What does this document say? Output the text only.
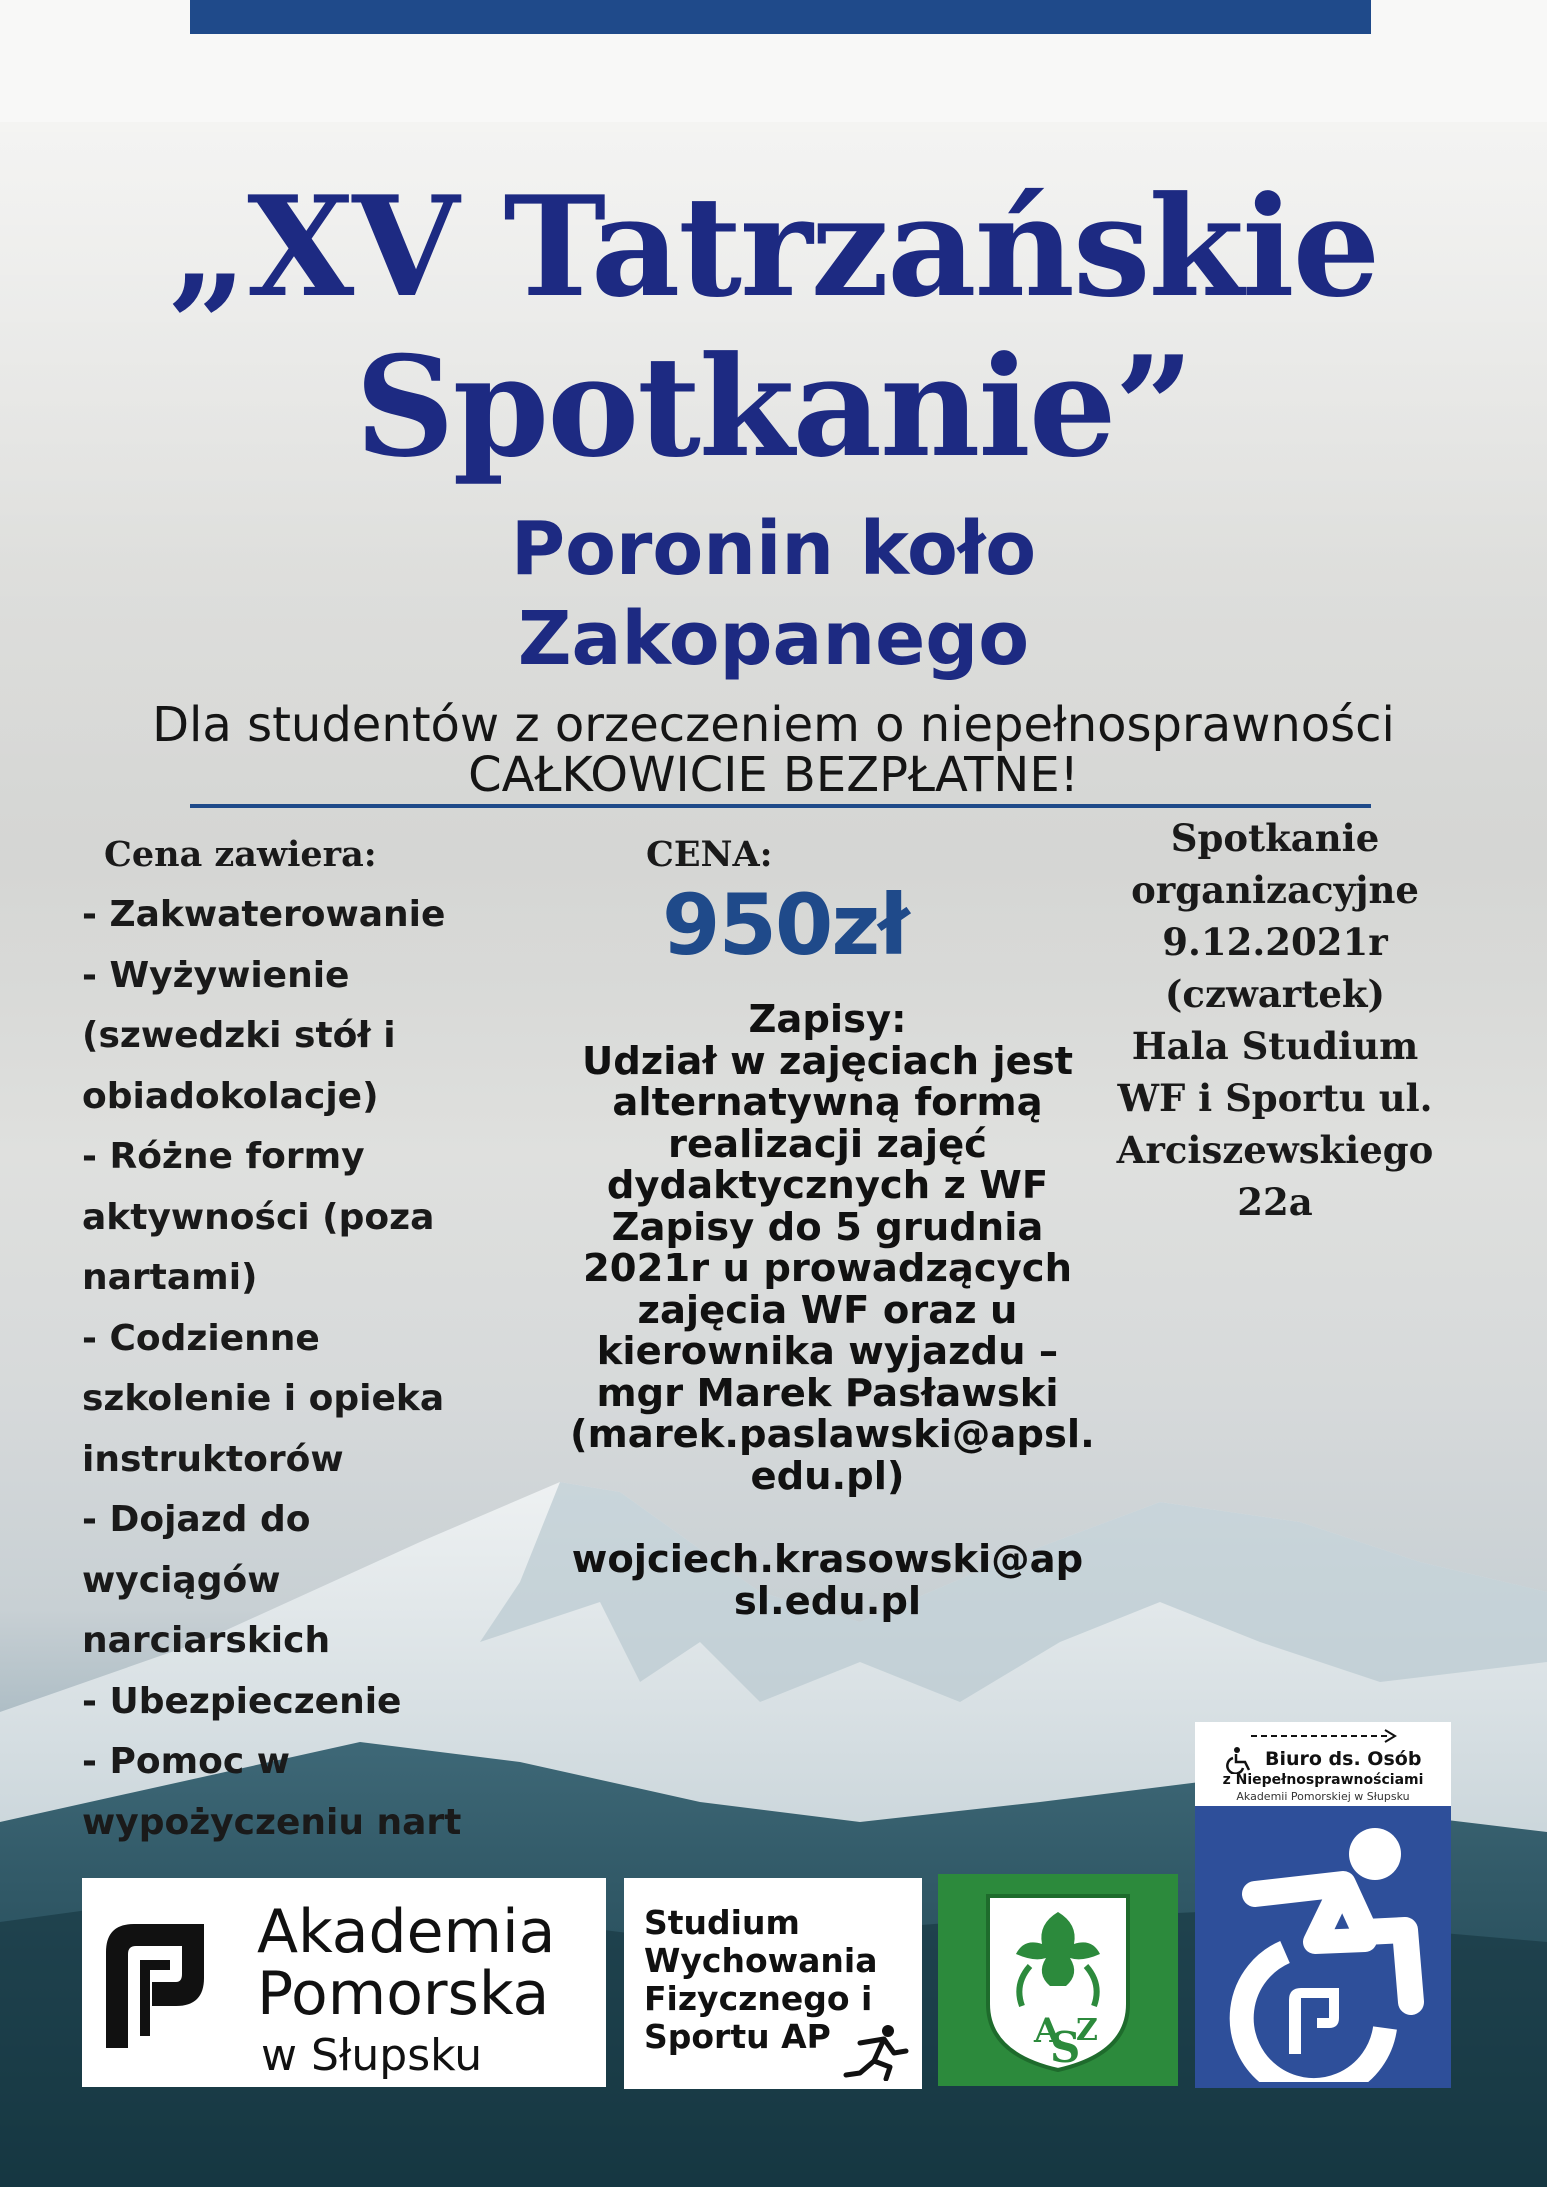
„XV Tatrzańskie
Spotkanie”
Poronin koło
Zakopanego
Dla studentów z orzeczeniem o niepełnosprawności
CAŁKOWICIE BEZPŁATNE!
Cena zawiera:
- Zakwaterowanie
- Wyżywienie
(szwedzki stół i
obiadokolacje)
- Różne formy
aktywności (poza
nartami)
- Codzienne
szkolenie i opieka
instruktorów
- Dojazd do
wyciągów
narciarskich
- Ubezpieczenie
- Pomoc w
wypożyczeniu nart
CENA:
950zł
Zapisy:
Udział w zajęciach jest
alternatywną formą
realizacji zajęć
dydaktycznych z WF
Zapisy do 5 grudnia
2021r u prowadzących
zajęcia WF oraz u
kierownika wyjazdu –
mgr Marek Pasławski
(marek.paslawski@apsl.
edu.pl)
wojciech.krasowski@ap
sl.edu.pl
Spotkanie
organizacyjne
9.12.2021r
(czwartek)
Hala Studium
WF i Sportu ul.
Arciszewskiego
22a
Akademia
Pomorska
w Słupsku
Studium
Wychowania
Fizycznego i
Sportu AP	A
S
Z
Biuro ds. Osób
z Niepełnosprawnościami
Akademii Pomorskiej w Słupsku
